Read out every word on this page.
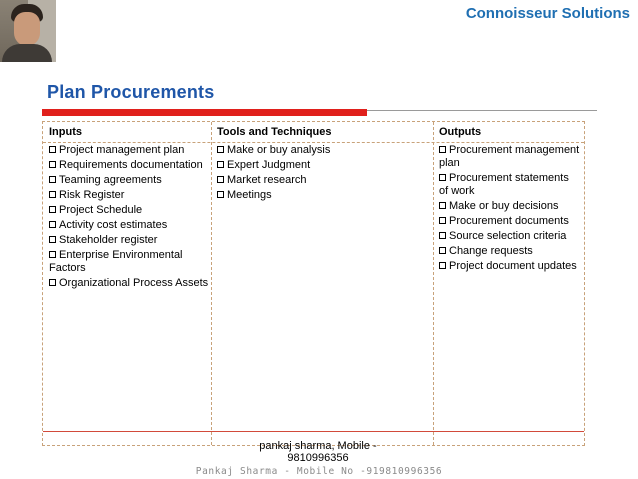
Connoisseur Solutions
Plan Procurements
Inputs	Tools and Techniques	Outputs
Project management plan
Requirements documentation
Teaming agreements
Risk Register
Project Schedule
Activity cost estimates
Stakeholder register
Enterprise Environmental Factors
Organizational Process Assets
Make or buy analysis
Expert Judgment
Market research
Meetings
Procurement management plan
Procurement statements of work
Make or buy decisions
Procurement documents
Source selection criteria
Change requests
Project document updates
pankaj sharma, Mobile -
9810996356
Pankaj Sharma - Mobile No -919810996356
